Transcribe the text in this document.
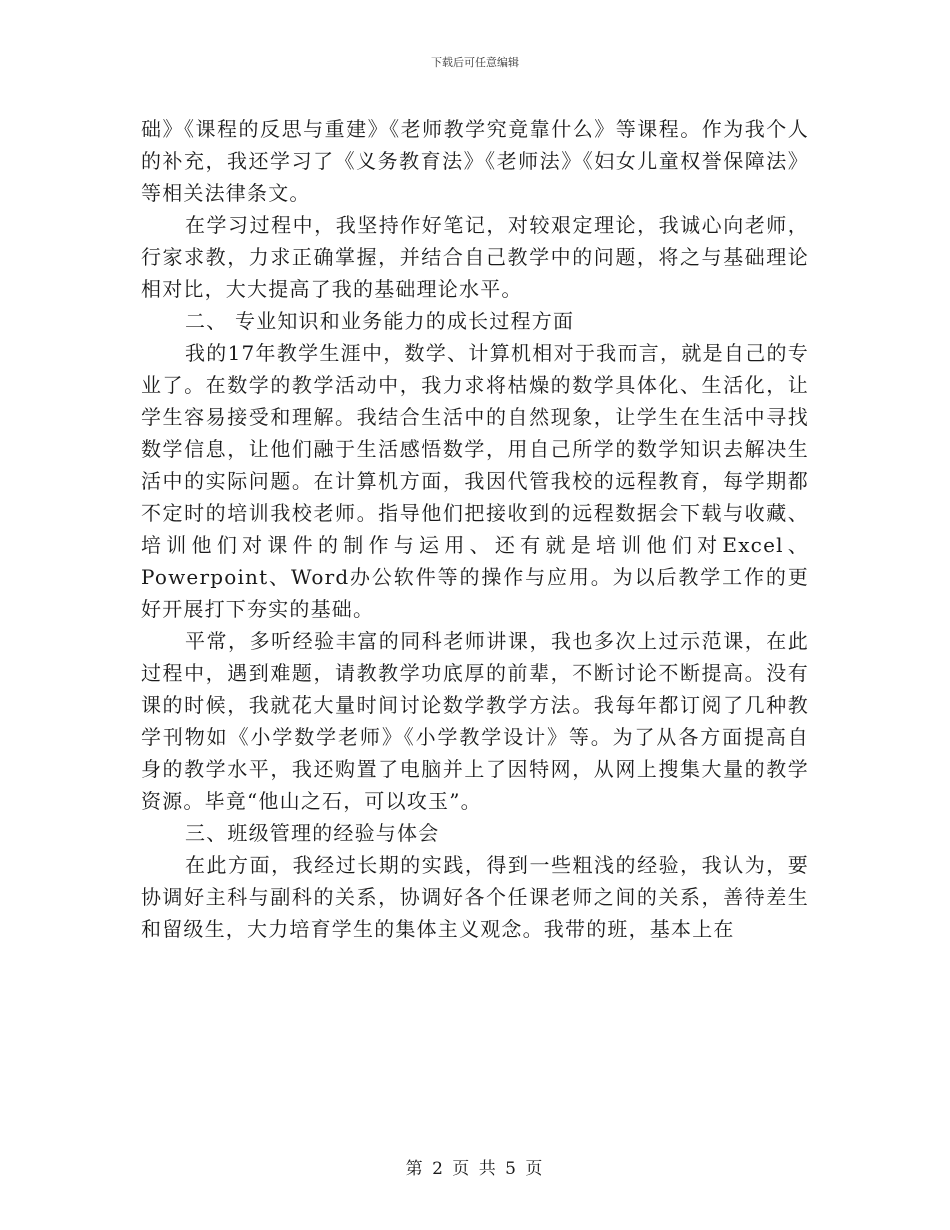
下载后可任意编辑

础》《课程的反思与重建》《老师教学究竟靠什么》等课程。作为我个人的补充，我还学习了《义务教育法》《老师法》《妇女儿童权誉保障法》等相关法律条文。

在学习过程中，我坚持作好笔记，对较艰定理论，我诚心向老师，行家求教，力求正确掌握，并结合自己教学中的问题，将之与基础理论相对比，大大提高了我的基础理论水平。

二、 专业知识和业务能力的成长过程方面

我的17年教学生涯中，数学、计算机相对于我而言，就是自己的专业了。在数学的教学活动中，我力求将枯燥的数学具体化、生活化，让学生容易接受和理解。我结合生活中的自然现象，让学生在生活中寻找数学信息，让他们融于生活感悟数学，用自己所学的数学知识去解决生活中的实际问题。在计算机方面，我因代管我校的远程教育，每学期都不定时的培训我校老师。指导他们把接收到的远程数据会下载与收藏、培训他们对课件的制作与运用、还有就是培训他们对Excel、Powerpoint、Word办公软件等的操作与应用。为以后教学工作的更好开展打下夯实的基础。

平常，多听经验丰富的同科老师讲课，我也多次上过示范课，在此过程中，遇到难题，请教教学功底厚的前辈，不断讨论不断提高。没有课的时候，我就花大量时间讨论数学教学方法。我每年都订阅了几种教学刊物如《小学数学老师》《小学教学设计》等。为了从各方面提高自身的教学水平，我还购置了电脑并上了因特网，从网上搜集大量的教学资源。毕竟“他山之石，可以攻玉”。

三、班级管理的经验与体会

在此方面，我经过长期的实践，得到一些粗浅的经验，我认为，要协调好主科与副科的关系，协调好各个任课老师之间的关系，善待差生和留级生，大力培育学生的集体主义观念。我带的班，基本上在

第 2 页 共 5 页
